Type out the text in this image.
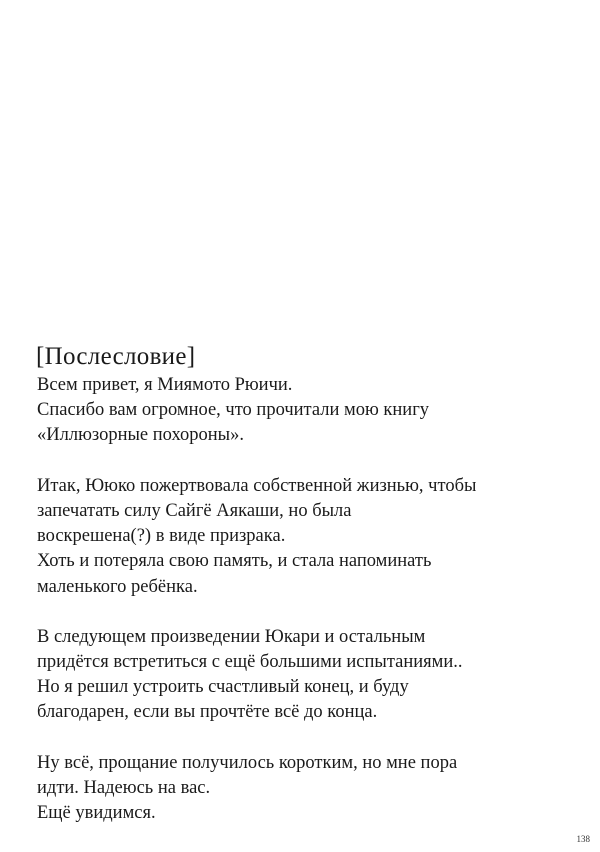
[Послесловие]
Всем привет, я Миямото Рюичи.
Спасибо вам огромное, что прочитали мою книгу
«Иллюзорные похороны».
Итак, Ююко пожертвовала собственной жизнью, чтобы
запечатать силу Сайгё Аякаши, но была
воскрешена(?) в виде призрака.
Хоть и потеряла свою память, и стала напоминать
маленького ребёнка.
В следующем произведении Юкари и остальным
придётся встретиться с ещё большими испытаниями..
Но я решил устроить счастливый конец, и буду
благодарен, если вы прочтёте всё до конца.
Ну всё, прощание получилось коротким, но мне пора
идти. Надеюсь на вас.
Ещё увидимся.
138
